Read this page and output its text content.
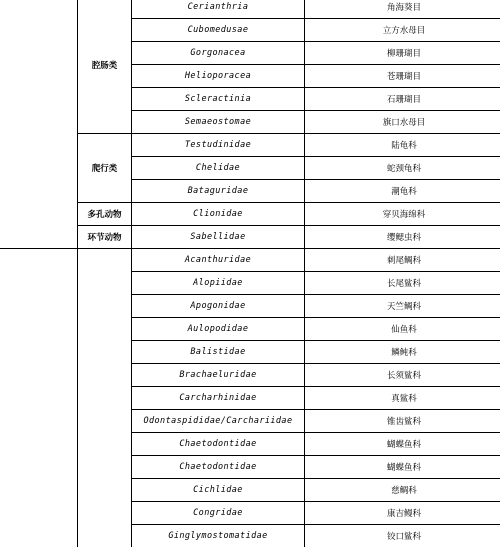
	腔肠类	Cerianthria	角海葵目
		Cubomedusae	立方水母目
		Gorgonacea	柳珊瑚目
		Helioporacea	苍珊瑚目
		Scleractinia	石珊瑚目
		Semaeostomae	旗口水母目
	爬行类	Testudinidae	陆龟科
		Chelidae	蛇颈龟科
		Bataguridae	潮龟科
	多孔动物	Clionidae	穿贝海绵科
	环节动物	Sabellidae	缨鳃虫科
		Acanthuridae	刺尾鲷科
		Alopiidae	长尾鲨科
		Apogonidae	天竺鲷科
		Aulopodidae	仙鱼科
		Balistidae	鳞鲀科
		Brachaeluridae	长须鲨科
		Carcharhinidae	真鲨科
		Odontaspididae/Carchariidae	锥齿鲨科
		Chaetodontidae	蝴蝶鱼科
		Chaetodontidae	蝴蝶鱼科
		Cichlidae	慈鲷科
		Congridae	康吉鳗科
		Ginglymostomatidae	铰口鲨科
